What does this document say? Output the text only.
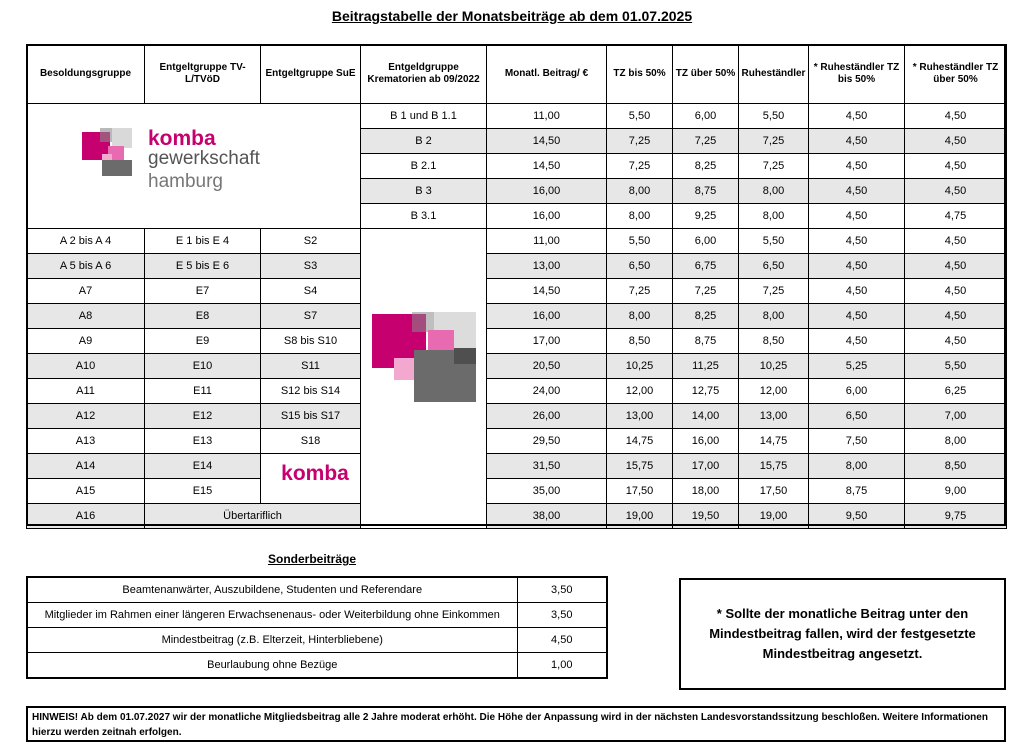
Beitragstabelle der Monatsbeiträge ab dem 01.07.2025
Besoldungsgruppe	Entgeltgruppe TV-L/TVöD	Entgeltgruppe SuE	Entgeldgruppe Krematorien ab 09/2022	Monatl. Beitrag/ €	TZ bis 50%	TZ über 50%	Ruheständler	* Ruheständler TZ bis 50%	* Ruheständler TZ über 50%
			B 1 und B 1.1	11,00	5,50	6,00	5,50	4,50	4,50
			B 2	14,50	7,25	7,25	7,25	4,50	4,50
			B 2.1	14,50	7,25	8,25	7,25	4,50	4,50
			B 3	16,00	8,00	8,75	8,00	4,50	4,50
			B 3.1	16,00	8,00	9,25	8,00	4,50	4,75
A 2 bis A 4	E 1 bis E 4	S2		11,00	5,50	6,00	5,50	4,50	4,50
A 5 bis A 6	E 5 bis E 6	S3		13,00	6,50	6,75	6,50	4,50	4,50
A7	E7	S4		14,50	7,25	7,25	7,25	4,50	4,50
A8	E8	S7		16,00	8,00	8,25	8,00	4,50	4,50
A9	E9	S8 bis S10		17,00	8,50	8,75	8,50	4,50	4,50
A10	E10	S11		20,50	10,25	11,25	10,25	5,25	5,50
A11	E11	S12 bis S14		24,00	12,00	12,75	12,00	6,00	6,25
A12	E12	S15 bis S17		26,00	13,00	14,00	13,00	6,50	7,00
A13	E13	S18		29,50	14,75	16,00	14,75	7,50	8,00
A14	E14			31,50	15,75	17,00	15,75	8,00	8,50
A15	E15			35,00	17,50	18,00	17,50	8,75	9,00
A16	Übertariflich			38,00	19,00	19,50	19,00	9,50	9,75
komba
gewerkschaft
hamburg
komba
Sonderbeiträge
Beamtenanwärter, Auszubildene, Studenten und Referendare	3,50
Mitglieder im Rahmen einer längeren Erwachsenenaus- oder Weiterbildung ohne Einkommen	3,50
Mindestbeitrag (z.B. Elterzeit, Hinterbliebene)	4,50
Beurlaubung ohne Bezüge	1,00
* Sollte der monatliche Beitrag unter den Mindestbeitrag fallen, wird der festgesetzte Mindestbeitrag angesetzt.
HINWEIS! Ab dem 01.07.2027 wir der monatliche Mitgliedsbeitrag alle 2 Jahre moderat erhöht. Die Höhe der Anpassung wird in der nächsten Landesvorstandssitzung beschloßen. Weitere Informationen hierzu werden zeitnah erfolgen.
